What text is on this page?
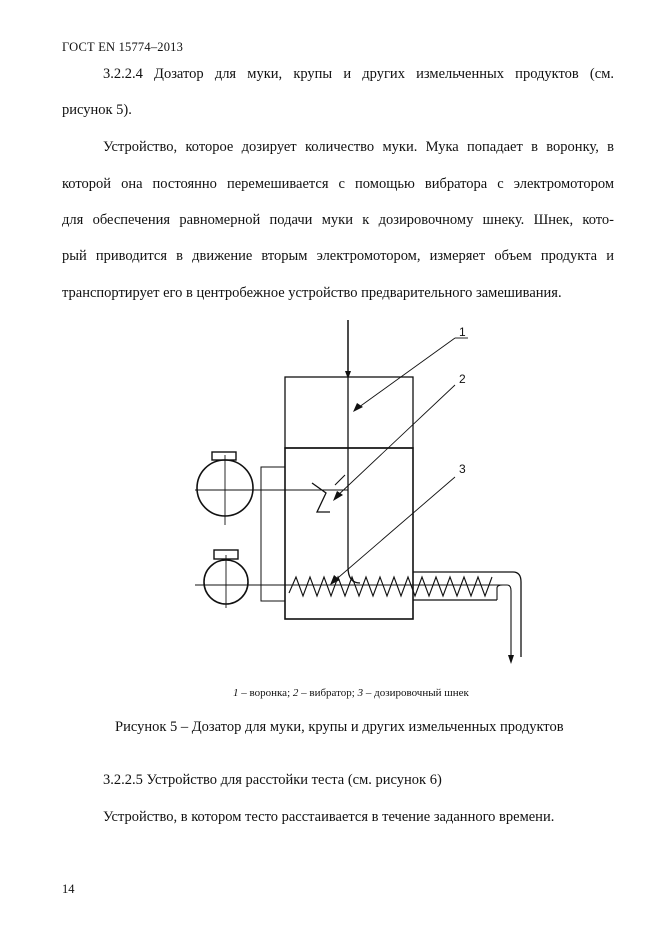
ГОСТ EN 15774–2013
3.2.2.4 Дозатор для муки, крупы и других измельченных продуктов (см.
рисунок 5).
Устройство, которое дозирует количество муки. Мука попадает в воронку, в
которой она постоянно перемешивается с помощью вибратора с электромотором
для обеспечения равномерной подачи муки к дозировочному шнеку. Шнек, кото-
рый приводится в движение вторым электромотором, измеряет объем продукта и
транспортирует его в центробежное устройство предварительного замешивания.
1
2
3
1 – воронка; 2 – вибратор; 3 – дозировочный шнек
Рисунок 5 – Дозатор для муки, крупы и других измельченных продуктов
3.2.2.5 Устройство для расстойки теста (см. рисунок 6)
Устройство, в котором тесто расстаивается в течение заданного времени.
14
